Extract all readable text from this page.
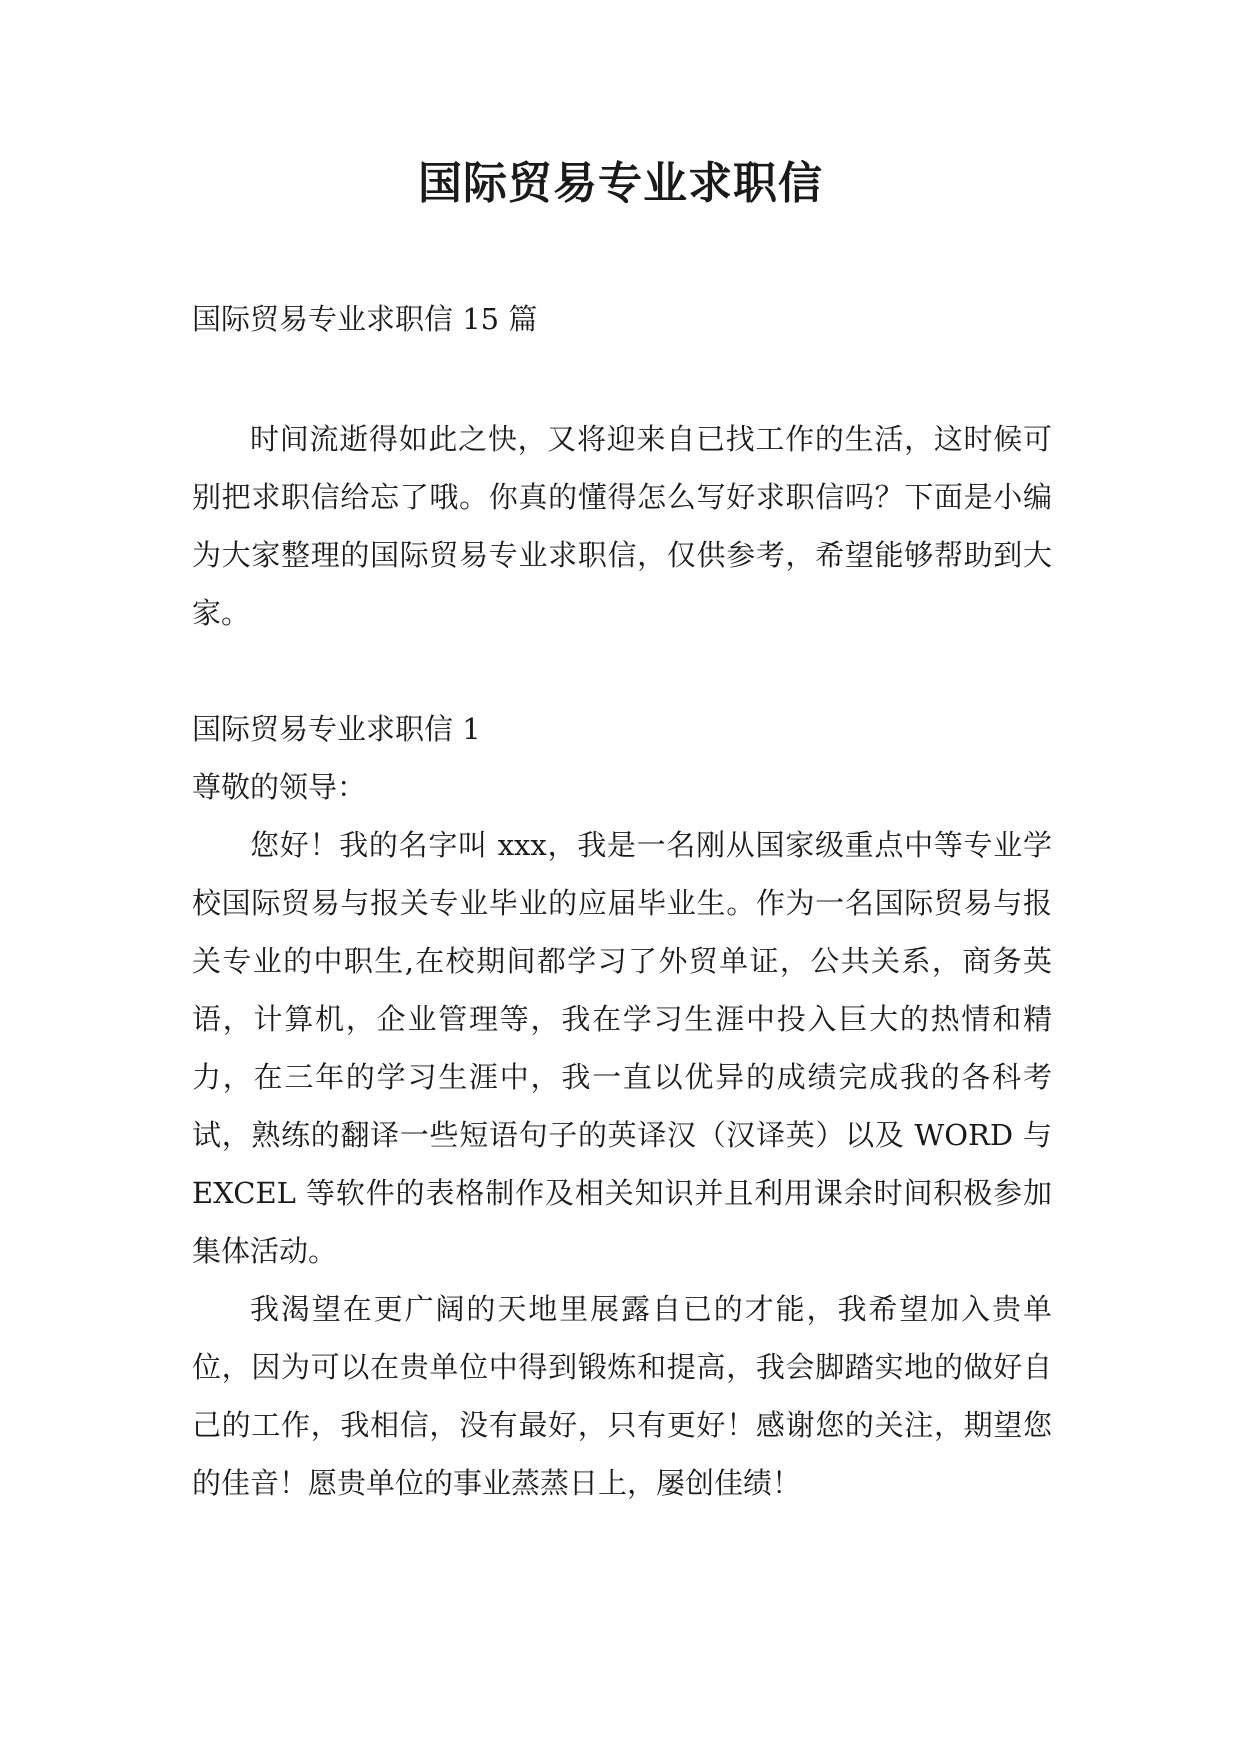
国际贸易专业求职信

国际贸易专业求职信 15 篇

时间流逝得如此之快，又将迎来自已找工作的生活，这时候可别把求职信给忘了哦。你真的懂得怎么写好求职信吗？下面是小编为大家整理的国际贸易专业求职信，仅供参考，希望能够帮助到大家。

国际贸易专业求职信 1

尊敬的领导：

您好！我的名字叫 xxx，我是一名刚从国家级重点中等专业学校国际贸易与报关专业毕业的应届毕业生。作为一名国际贸易与报关专业的中职生,在校期间都学习了外贸单证，公共关系，商务英语，计算机，企业管理等，我在学习生涯中投入巨大的热情和精力，在三年的学习生涯中，我一直以优异的成绩完成我的各科考试，熟练的翻译一些短语句子的英译汉（汉译英）以及 WORD 与 EXCEL 等软件的表格制作及相关知识并且利用课余时间积极参加集体活动。

我渴望在更广阔的天地里展露自已的才能，我希望加入贵单位，因为可以在贵单位中得到锻炼和提高，我会脚踏实地的做好自己的工作，我相信，没有最好，只有更好！感谢您的关注，期望您的佳音！愿贵单位的事业蒸蒸日上，屡创佳绩！
